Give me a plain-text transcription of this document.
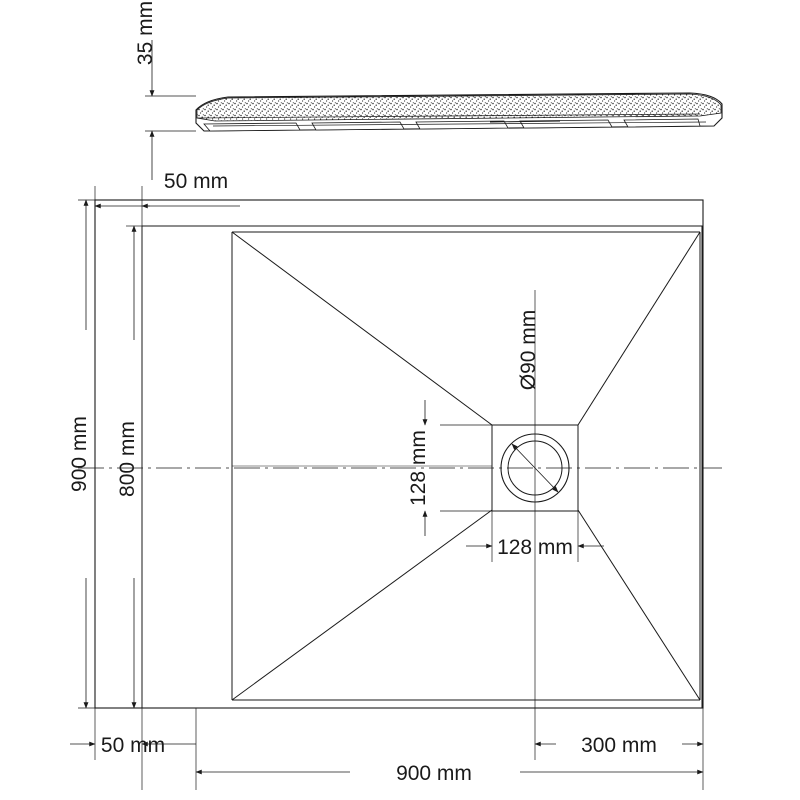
35 mm
50 mm
900 mm 800 mm	128 mm
128 mm
Ø90 mm
50 mm	300 mm
900 mm
